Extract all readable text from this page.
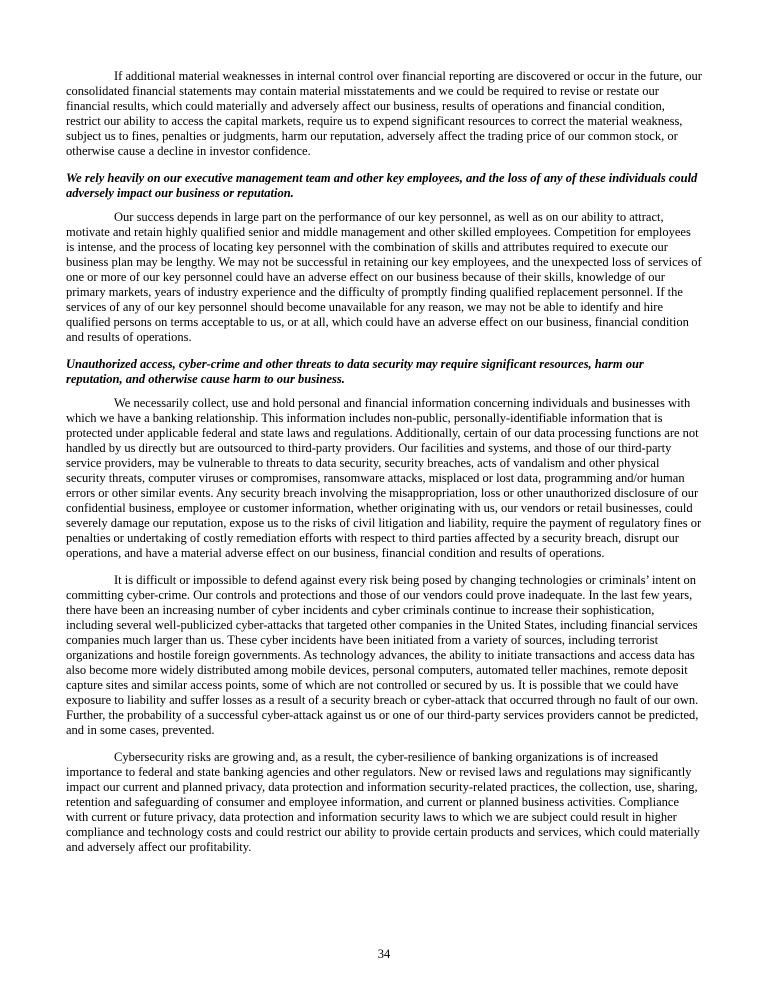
If additional material weaknesses in internal control over financial reporting are discovered or occur in the future, our consolidated financial statements may contain material misstatements and we could be required to revise or restate our financial results, which could materially and adversely affect our business, results of operations and financial condition, restrict our ability to access the capital markets, require us to expend significant resources to correct the material weakness, subject us to fines, penalties or judgments, harm our reputation, adversely affect the trading price of our common stock, or otherwise cause a decline in investor confidence.

We rely heavily on our executive management team and other key employees, and the loss of any of these individuals could adversely impact our business or reputation.

Our success depends in large part on the performance of our key personnel, as well as on our ability to attract, motivate and retain highly qualified senior and middle management and other skilled employees. Competition for employees is intense, and the process of locating key personnel with the combination of skills and attributes required to execute our business plan may be lengthy. We may not be successful in retaining our key employees, and the unexpected loss of services of one or more of our key personnel could have an adverse effect on our business because of their skills, knowledge of our primary markets, years of industry experience and the difficulty of promptly finding qualified replacement personnel. If the services of any of our key personnel should become unavailable for any reason, we may not be able to identify and hire qualified persons on terms acceptable to us, or at all, which could have an adverse effect on our business, financial condition and results of operations.

Unauthorized access, cyber-crime and other threats to data security may require significant resources, harm our reputation, and otherwise cause harm to our business.

We necessarily collect, use and hold personal and financial information concerning individuals and businesses with which we have a banking relationship. This information includes non-public, personally-identifiable information that is protected under applicable federal and state laws and regulations. Additionally, certain of our data processing functions are not handled by us directly but are outsourced to third-party providers. Our facilities and systems, and those of our third-party service providers, may be vulnerable to threats to data security, security breaches, acts of vandalism and other physical security threats, computer viruses or compromises, ransomware attacks, misplaced or lost data, programming and/or human errors or other similar events. Any security breach involving the misappropriation, loss or other unauthorized disclosure of our confidential business, employee or customer information, whether originating with us, our vendors or retail businesses, could severely damage our reputation, expose us to the risks of civil litigation and liability, require the payment of regulatory fines or penalties or undertaking of costly remediation efforts with respect to third parties affected by a security breach, disrupt our operations, and have a material adverse effect on our business, financial condition and results of operations.

It is difficult or impossible to defend against every risk being posed by changing technologies or criminals’ intent on committing cyber-crime. Our controls and protections and those of our vendors could prove inadequate. In the last few years, there have been an increasing number of cyber incidents and cyber criminals continue to increase their sophistication, including several well-publicized cyber-attacks that targeted other companies in the United States, including financial services companies much larger than us. These cyber incidents have been initiated from a variety of sources, including terrorist organizations and hostile foreign governments. As technology advances, the ability to initiate transactions and access data has also become more widely distributed among mobile devices, personal computers, automated teller machines, remote deposit capture sites and similar access points, some of which are not controlled or secured by us. It is possible that we could have exposure to liability and suffer losses as a result of a security breach or cyber-attack that occurred through no fault of our own. Further, the probability of a successful cyber-attack against us or one of our third-party services providers cannot be predicted, and in some cases, prevented.

Cybersecurity risks are growing and, as a result, the cyber-resilience of banking organizations is of increased importance to federal and state banking agencies and other regulators. New or revised laws and regulations may significantly impact our current and planned privacy, data protection and information security-related practices, the collection, use, sharing, retention and safeguarding of consumer and employee information, and current or planned business activities. Compliance with current or future privacy, data protection and information security laws to which we are subject could result in higher compliance and technology costs and could restrict our ability to provide certain products and services, which could materially and adversely affect our profitability.

34
